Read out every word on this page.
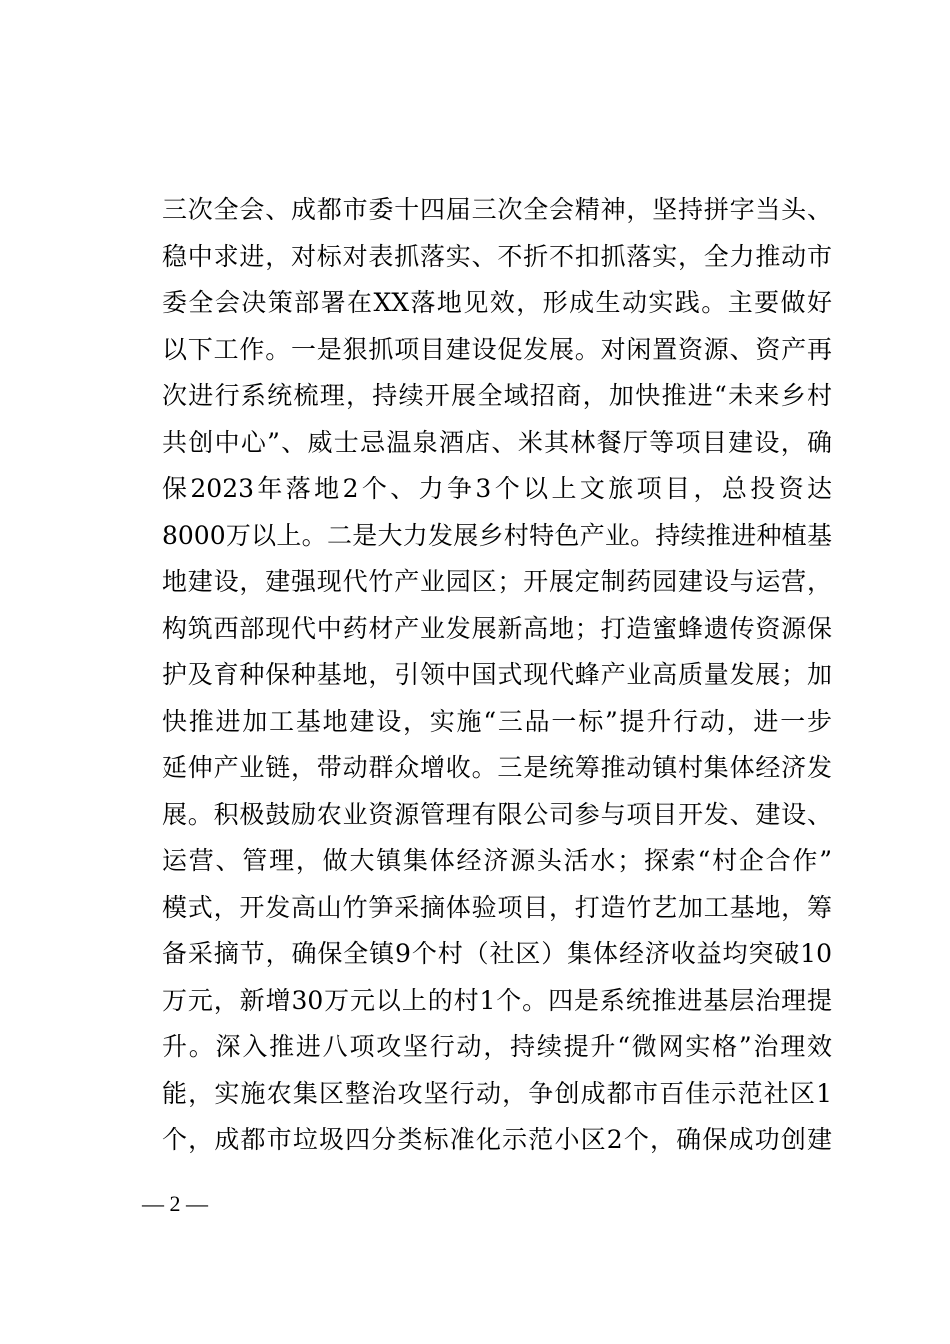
三次全会、成都市委十四届三次全会精神，坚持拼字当头、
稳中求进，对标对表抓落实、不折不扣抓落实，全力推动市
委全会决策部署在XX落地见效，形成生动实践。主要做好
以下工作。一是狠抓项目建设促发展。对闲置资源、资产再
次进行系统梳理，持续开展全域招商，加快推进“未来乡村
共创中心”、威士忌温泉酒店、米其林餐厅等项目建设，确
保2023年落地2个、力争3个以上文旅项目，总投资达
8000万以上。二是大力发展乡村特色产业。持续推进种植基
地建设，建强现代竹产业园区；开展定制药园建设与运营，
构筑西部现代中药材产业发展新高地；打造蜜蜂遗传资源保
护及育种保种基地，引领中国式现代蜂产业高质量发展；加
快推进加工基地建设，实施“三品一标”提升行动，进一步
延伸产业链，带动群众增收。三是统筹推动镇村集体经济发
展。积极鼓励农业资源管理有限公司参与项目开发、建设、
运营、管理，做大镇集体经济源头活水；探索“村企合作”
模式，开发高山竹笋采摘体验项目，打造竹艺加工基地，筹
备采摘节，确保全镇9个村（社区）集体经济收益均突破10
万元，新增30万元以上的村1个。四是系统推进基层治理提
升。深入推进八项攻坚行动，持续提升“微网实格”治理效
能，实施农集区整治攻坚行动，争创成都市百佳示范社区1
个，成都市垃圾四分类标准化示范小区2个，确保成功创建
— 2 —
